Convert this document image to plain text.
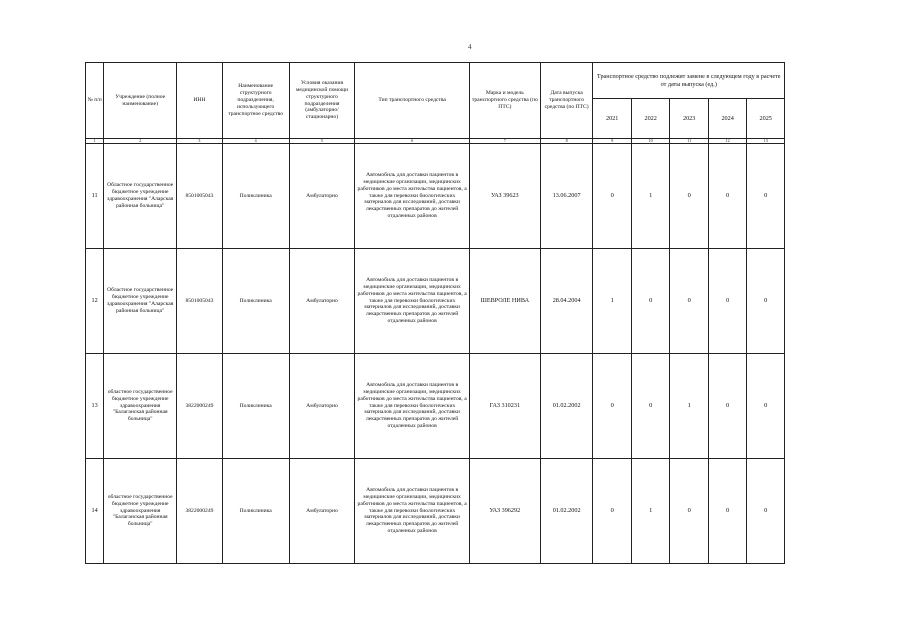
4
№ п/п	Учреждение (полное наименование)	ИНН	Наименование структурного подразделения, использующего транспортное средство	Условия оказания медицинской помощи структурного подразделения (амбулаторно/ стационарно)	Тип транспортного средства	Марка и модель транспортного средства (по ПТС)	Дата выпуска транспортного средства (по ПТС)	Транспортное средство подлежит замене в следующем году в расчете от даты выпуска (ед.)				
								2021	2022	2023	2024	2025
1	2	3	4	5	6	7	8	9	10	11	12	13
11	Областное государственное бюджетное учреждение здравоохранения "Аларская районная больница"	8501005043	Поликлиника	Амбулаторно	Автомобиль для доставки пациентов в медицинские организации, медицинских работников до места жительства пациентов, а также для перевозки биологических материалов для исследований, доставки лекарственных препаратов до жителей отдаленных районов	УАЗ 39623	13.06.2007	0	1	0	0	0
12	Областное государственное бюджетное учреждение здравоохранения "Аларская районная больница"	8501005043	Поликлиника	Амбулаторно	Автомобиль для доставки пациентов в медицинские организации, медицинских работников до места жительства пациентов, а также для перевозки биологических материалов для исследований, доставки лекарственных препаратов до жителей отдаленных районов	ШЕВРОЛЕ НИВА	28.04.2004	1	0	0	0	0
13	областное государственное бюджетное учреждение здравоохранения "Балаганская районная больница"	3822000249	Поликлиника	Амбулаторно	Автомобиль для доставки пациентов в медицинские организации, медицинских работников до места жительства пациентов, а также для перевозки биологических материалов для исследований, доставки лекарственных препаратов до жителей отдаленных районов	ГАЗ 310231	01.02.2002	0	0	1	0	0
14	областное государственное бюджетное учреждение здравоохранения "Балаганская районная больница"	3822000249	Поликлиника	Амбулаторно	Автомобиль для доставки пациентов в медицинские организации, медицинских работников до места жительства пациентов, а также для перевозки биологических материалов для исследований, доставки лекарственных препаратов до жителей отдаленных районов	УАЗ 396292	01.02.2002	0	1	0	0	0
